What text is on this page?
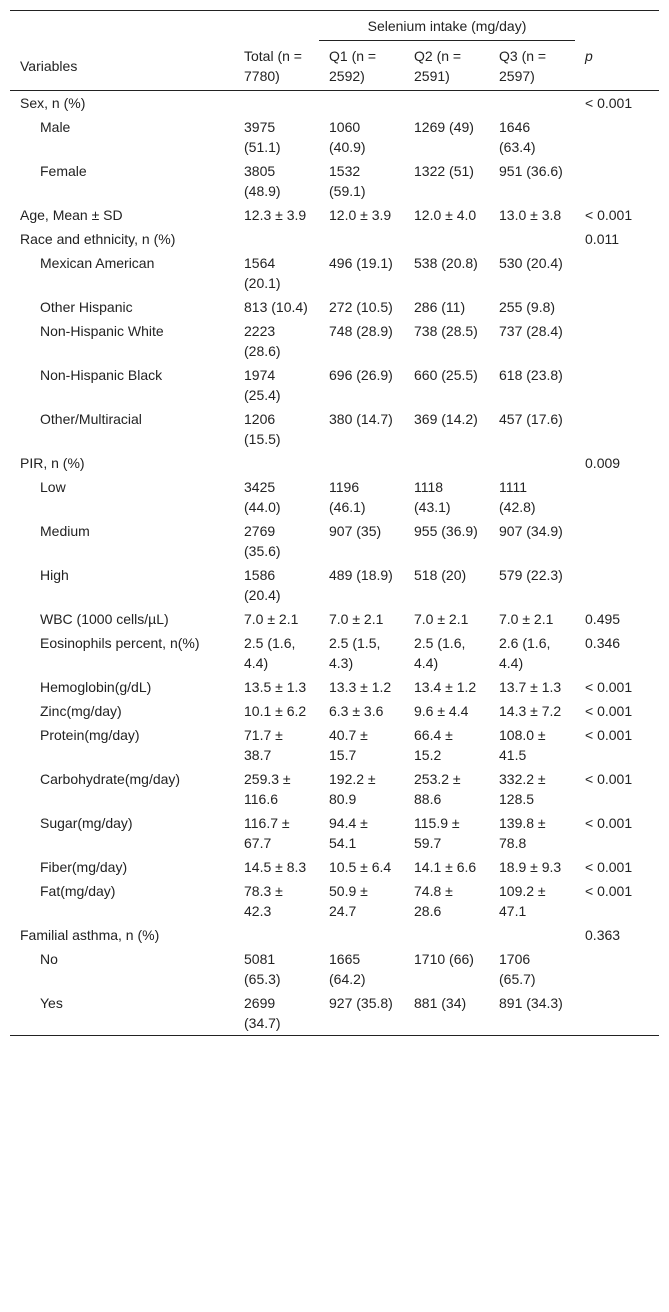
		Selenium intake (mg/day)			
Variables	Total (n = 7780)	Q1 (n = 2592)	Q2 (n = 2591)	Q3 (n = 2597)	p
Sex, n (%)					< 0.001
Male	3975 (51.1)	1060 (40.9)	1269 (49)	1646 (63.4)	
Female	3805 (48.9)	1532 (59.1)	1322 (51)	951 (36.6)	
Age, Mean ± SD	12.3 ± 3.9	12.0 ± 3.9	12.0 ± 4.0	13.0 ± 3.8	< 0.001
Race and ethnicity, n (%)					0.011
Mexican American	1564 (20.1)	496 (19.1)	538 (20.8)	530 (20.4)	
Other Hispanic	813 (10.4)	272 (10.5)	286 (11)	255 (9.8)	
Non-Hispanic White	2223 (28.6)	748 (28.9)	738 (28.5)	737 (28.4)	
Non-Hispanic Black	1974 (25.4)	696 (26.9)	660 (25.5)	618 (23.8)	
Other/Multiracial	1206 (15.5)	380 (14.7)	369 (14.2)	457 (17.6)	
PIR, n (%)					0.009
Low	3425 (44.0)	1196 (46.1)	1118 (43.1)	1111 (42.8)	
Medium	2769 (35.6)	907 (35)	955 (36.9)	907 (34.9)	
High	1586 (20.4)	489 (18.9)	518 (20)	579 (22.3)	
WBC (1000 cells/µL)	7.0 ± 2.1	7.0 ± 2.1	7.0 ± 2.1	7.0 ± 2.1	0.495
Eosinophils percent, n(%)	2.5 (1.6, 4.4)	2.5 (1.5, 4.3)	2.5 (1.6, 4.4)	2.6 (1.6, 4.4)	0.346
Hemoglobin(g/dL)	13.5 ± 1.3	13.3 ± 1.2	13.4 ± 1.2	13.7 ± 1.3	< 0.001
Zinc(mg/day)	10.1 ± 6.2	6.3 ± 3.6	9.6 ± 4.4	14.3 ± 7.2	< 0.001
Protein(mg/day)	71.7 ± 38.7	40.7 ± 15.7	66.4 ± 15.2	108.0 ± 41.5	< 0.001
Carbohydrate(mg/day)	259.3 ± 116.6	192.2 ± 80.9	253.2 ± 88.6	332.2 ± 128.5	< 0.001
Sugar(mg/day)	116.7 ± 67.7	94.4 ± 54.1	115.9 ± 59.7	139.8 ± 78.8	< 0.001
Fiber(mg/day)	14.5 ± 8.3	10.5 ± 6.4	14.1 ± 6.6	18.9 ± 9.3	< 0.001
Fat(mg/day)	78.3 ± 42.3	50.9 ± 24.7	74.8 ± 28.6	109.2 ± 47.1	< 0.001
Familial asthma, n (%)					0.363
No	5081 (65.3)	1665 (64.2)	1710 (66)	1706 (65.7)	
Yes	2699 (34.7)	927 (35.8)	881 (34)	891 (34.3)	
